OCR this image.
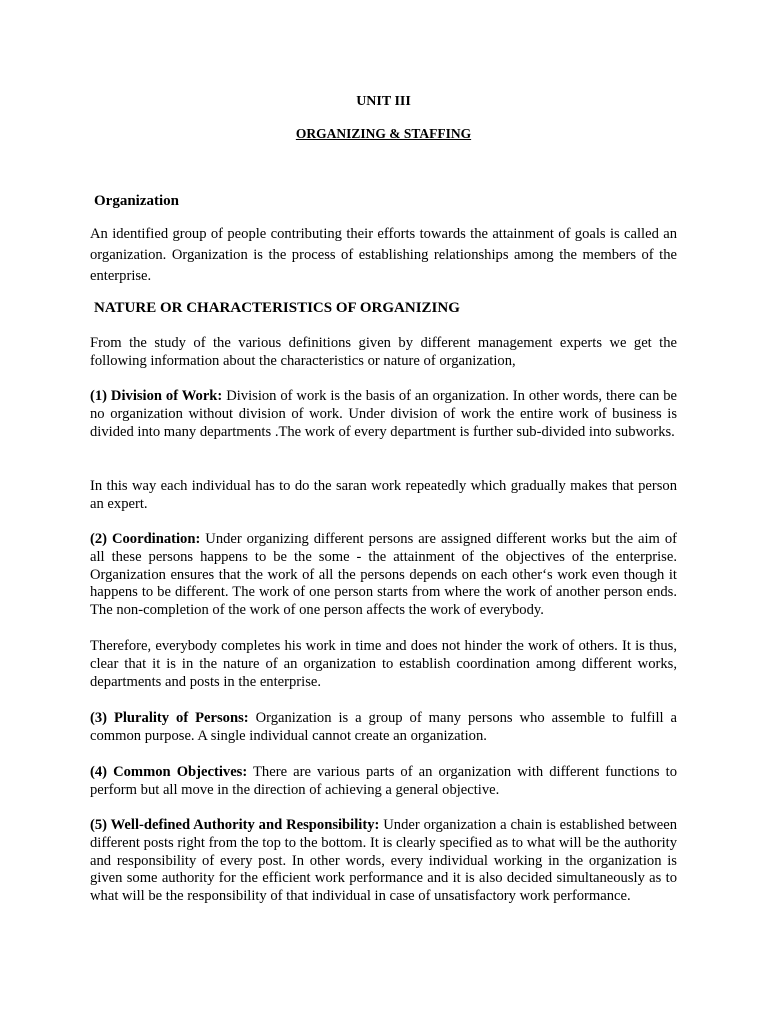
UNIT III
ORGANIZING & STAFFING
Organization

An identified group of people contributing their efforts towards the attainment of goals is called an organization. Organization is the process of establishing relationships among the members of the enterprise.

NATURE OR CHARACTERISTICS OF ORGANIZING

From the study of the various definitions given by different management experts we get the following information about the characteristics or nature of organization,

(1) Division of Work: Division of work is the basis of an organization. In other words, there can be no organization without division of work. Under division of work the entire work of business is divided into many departments .The work of every department is further sub-divided into subworks.

In this way each individual has to do the saran work repeatedly which gradually makes that person an expert.

(2) Coordination: Under organizing different persons are assigned different works but the aim of all these persons happens to be the some - the attainment of the objectives of the enterprise. Organization ensures that the work of all the persons depends on each other‘s work even though it happens to be different. The work of one person starts from where the work of another person ends. The non-completion of the work of one person affects the work of everybody.

Therefore, everybody completes his work in time and does not hinder the work of others. It is thus, clear that it is in the nature of an organization to establish coordination among different works, departments and posts in the enterprise.

(3) Plurality of Persons: Organization is a group of many persons who assemble to fulfill a common purpose. A single individual cannot create an organization.

(4) Common Objectives: There are various parts of an organization with different functions to perform but all move in the direction of achieving a general objective.

(5) Well-defined Authority and Responsibility: Under organization a chain is established between different posts right from the top to the bottom. It is clearly specified as to what will be the authority and responsibility of every post. In other words, every individual working in the organization is given some authority for the efficient work performance and it is also decided simultaneously as to what will be the responsibility of that individual in case of unsatisfactory work performance.
